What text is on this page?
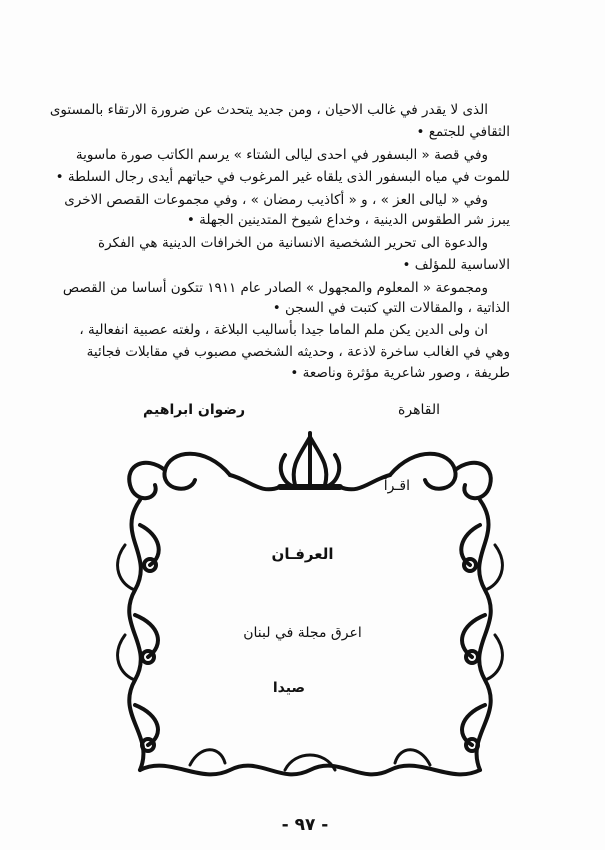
الذى لا يقدر في غالب الاحيان ، ومن جديد يتحدث عن ضرورة الارتقاء بالمستوى
الثقافي للجتمع •
وفي قصة « البسفور في احدى ليالى الشتاء » يرسم الكاتب صورة ماسوية
للموت في مياه البسفور الذى يلقاه غير المرغوب في حياتهم أيدى رجال السلطة •
وفي « ليالى العز » ، و « أكاذيب رمضان » ، وفي مجموعات القصص الاخرى
يبرز شر الطقوس الدينية ، وخداع شيوخ المتدينين الجهلة •
والدعوة الى تحرير الشخصية الانسانية من الخرافات الدينية هي الفكرة
الاساسية للمؤلف •
ومجموعة « المعلوم والمجهول » الصادر عام ١٩١١ تتكون أساسا من القصص
الذاتية ، والمقالات التي كتبت في السجن •
ان ولى الدين يكن ملم الماما جيدا بأساليب البلاغة ، ولغته عصبية انفعالية ،
وهي في الغالب ساخرة لاذعة ، وحديثه الشخصي مصبوب في مقابلات فجائية
طريفة ، وصور شاعرية مؤثرة وناصعة •
القاهرة
رضوان ابراهيم
اقـرأ
العرفـان
اعرق مجلة في لبنان
صيدا
- ٩٧ -
